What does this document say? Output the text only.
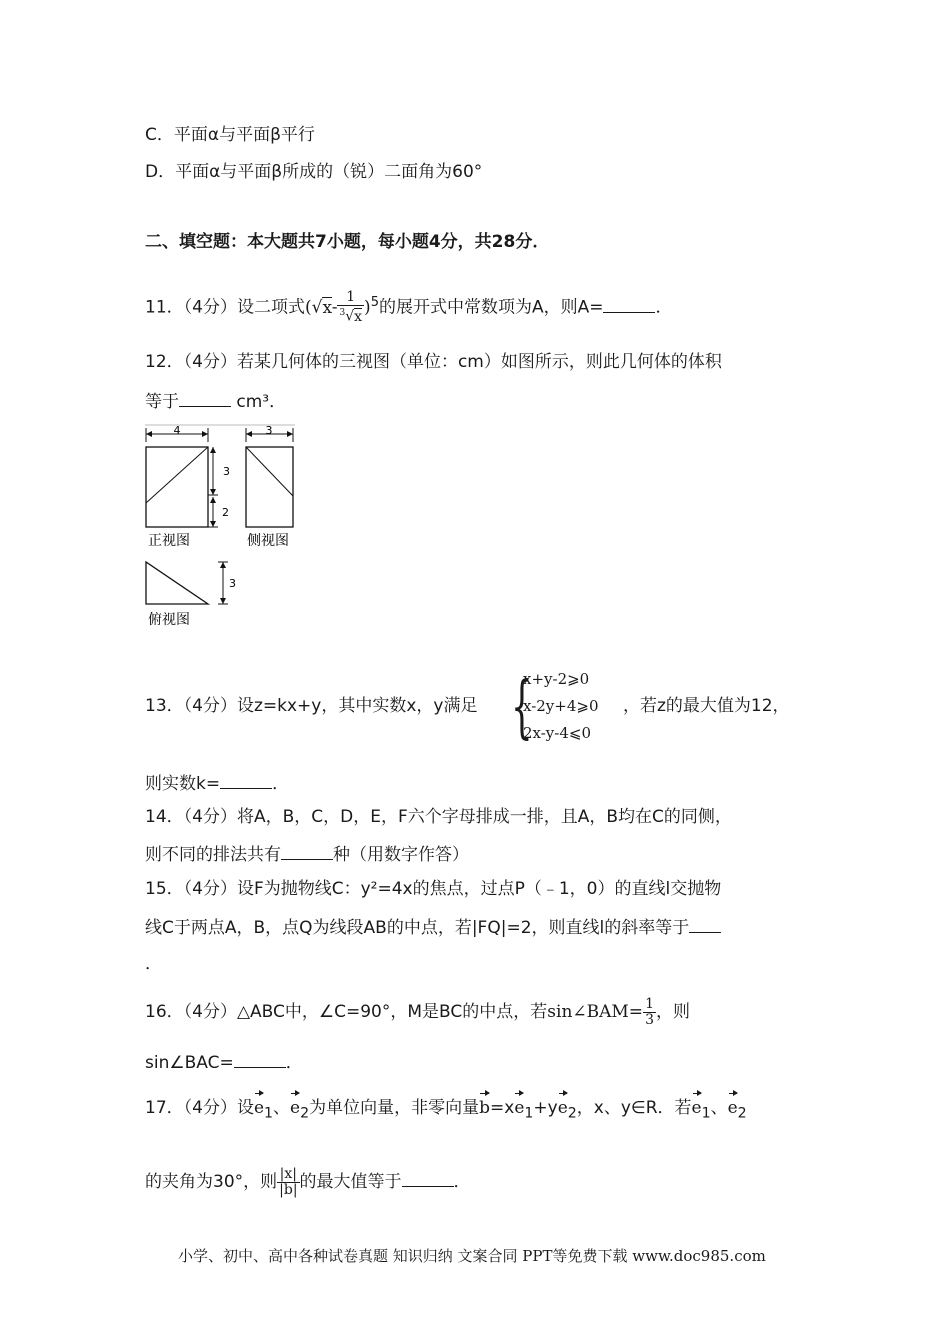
C．平面α与平面β平行
D．平面α与平面β所成的（锐）二面角为60°
二、填空题：本大题共7小题，每小题4分，共28分．
11．（4分）设二项式$(√x- \frac{1}{^3√x} )^5$的展开式中常数项为A，则A=	．
12．（4分）若某几何体的三视图（单位：cm）如图所示，则此几何体的体积
等于	cm³．
4
3
2
3
正视图	侧视图
3
俯视图
13．（4分）设z=kx+y，其中实数x，y满足 {
x+y-2⩾0
x-2y+4⩾0
2x-y-4⩽0
，若z的最大值为12，
则实数k=	．
14．（4分）将A，B，C，D，E，F六个字母排成一排，且A，B均在C的同侧，
则不同的排法共有	种（用数字作答）
15．（4分）设F为抛物线C：y²=4x的焦点，过点P（﹣1，0）的直线l交抛物
线C于两点A，B，点Q为线段AB的中点，若|FQ|=2，则直线l的斜率等于
．
16．（4分）△ABC中，∠C=90°，M是BC的中点，若sin∠BAM= $\frac{1}{3}$ ，则
sin∠BAC=	．
17．（4分）设$e_1$、$e_2$为单位向量，非零向量$b=xe_1+ye_2$，x、y∈R．若$e_1$、$e_2$
的夹角为30°，则 $\frac{|x|}{|b|}$ 的最大值等于	．
小学、初中、高中各种试卷真题 知识归纳 文案合同 PPT等免费下载 www.doc985.com
